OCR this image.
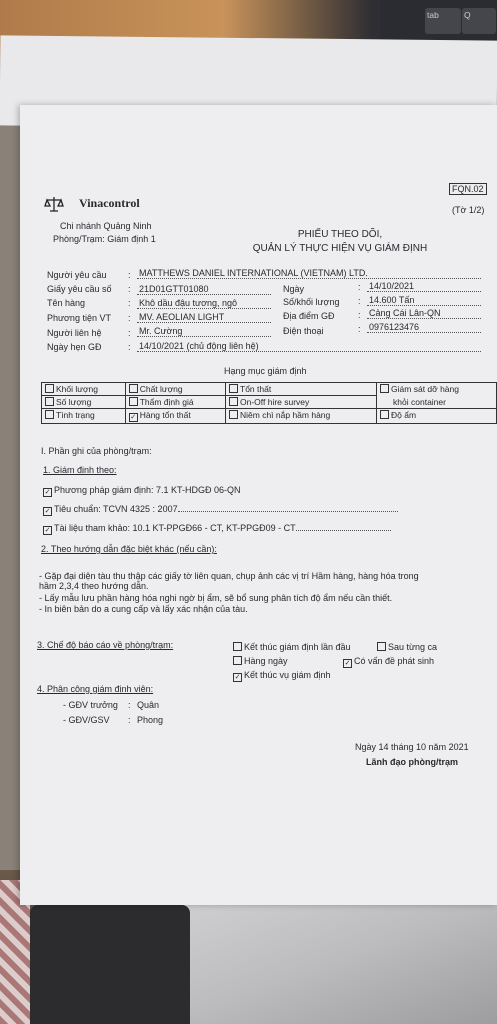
tab	Q
Vinacontrol
Chi nhánh Quảng Ninh
Phòng/Trạm: Giám định 1
FQN.02
(Tờ 1/2)
PHIẾU THEO DÕI,
QUẢN LÝ THỰC HIỆN VỤ GIÁM ĐỊNH
Người yêu cầu : MATTHEWS DANIEL INTERNATIONAL (VIETNAM) LTD.
Giấy yêu cầu số : 21D01GTT01080	Ngày	: 14/10/2021
Tên hàng	: Khô dầu đậu tương, ngô	Số/khối lượng : 14.600 Tấn
Phương tiện VT : MV. AEOLIAN LIGHT	Địa điểm GĐ	: Cảng Cái Lân-QN
Người liên hệ	: Mr. Cường	Điện thoại	: 0976123476
Ngày hẹn GĐ	: 14/10/2021 (chủ động liên hệ)
Hạng mục giám định
Khối lượng	Chất lượng	Tổn thất	Giám sát dỡ hàng
Số lượng	Thẩm định giá	On-Off hire survey	khỏi container
Tình trạng	✓ Hàng tổn thất	Niêm chì nắp hầm hàng	Độ ẩm
I. Phần ghi của phòng/trạm:
1. Giám định theo:
✓ Phương pháp giám định: 7.1 KT-HDGĐ 06-QN
✓ Tiêu chuẩn: TCVN 4325 : 2007
✓ Tài liệu tham khảo: 10.1 KT-PPGĐ66 - CT, KT-PPGĐ09 - CT
2. Theo hướng dẫn đặc biệt khác (nếu cần):
- Gặp đại diện tàu thu thập các giấy tờ liên quan, chụp ảnh các vị trí Hầm hàng, hàng hóa trong
hầm 2,3,4 theo hướng dẫn.
- Lấy mẫu lưu phần hàng hóa nghi ngờ bị ẩm, sẽ bổ sung phân tích độ ẩm nếu cần thiết.
- In biên bản do a cung cấp và lấy xác nhận của tàu.
3. Chế độ báo cáo về phòng/trạm:	Kết thúc giám định lần đầu	Sau từng ca
Hàng ngày	✓ Có vấn đề phát sinh
✓ Kết thúc vụ giám định
4. Phân công giám định viên:
- GĐV trưởng : Quân
- GĐV/GSV : Phong
Ngày 14 tháng 10 năm 2021
Lãnh đạo phòng/trạm
